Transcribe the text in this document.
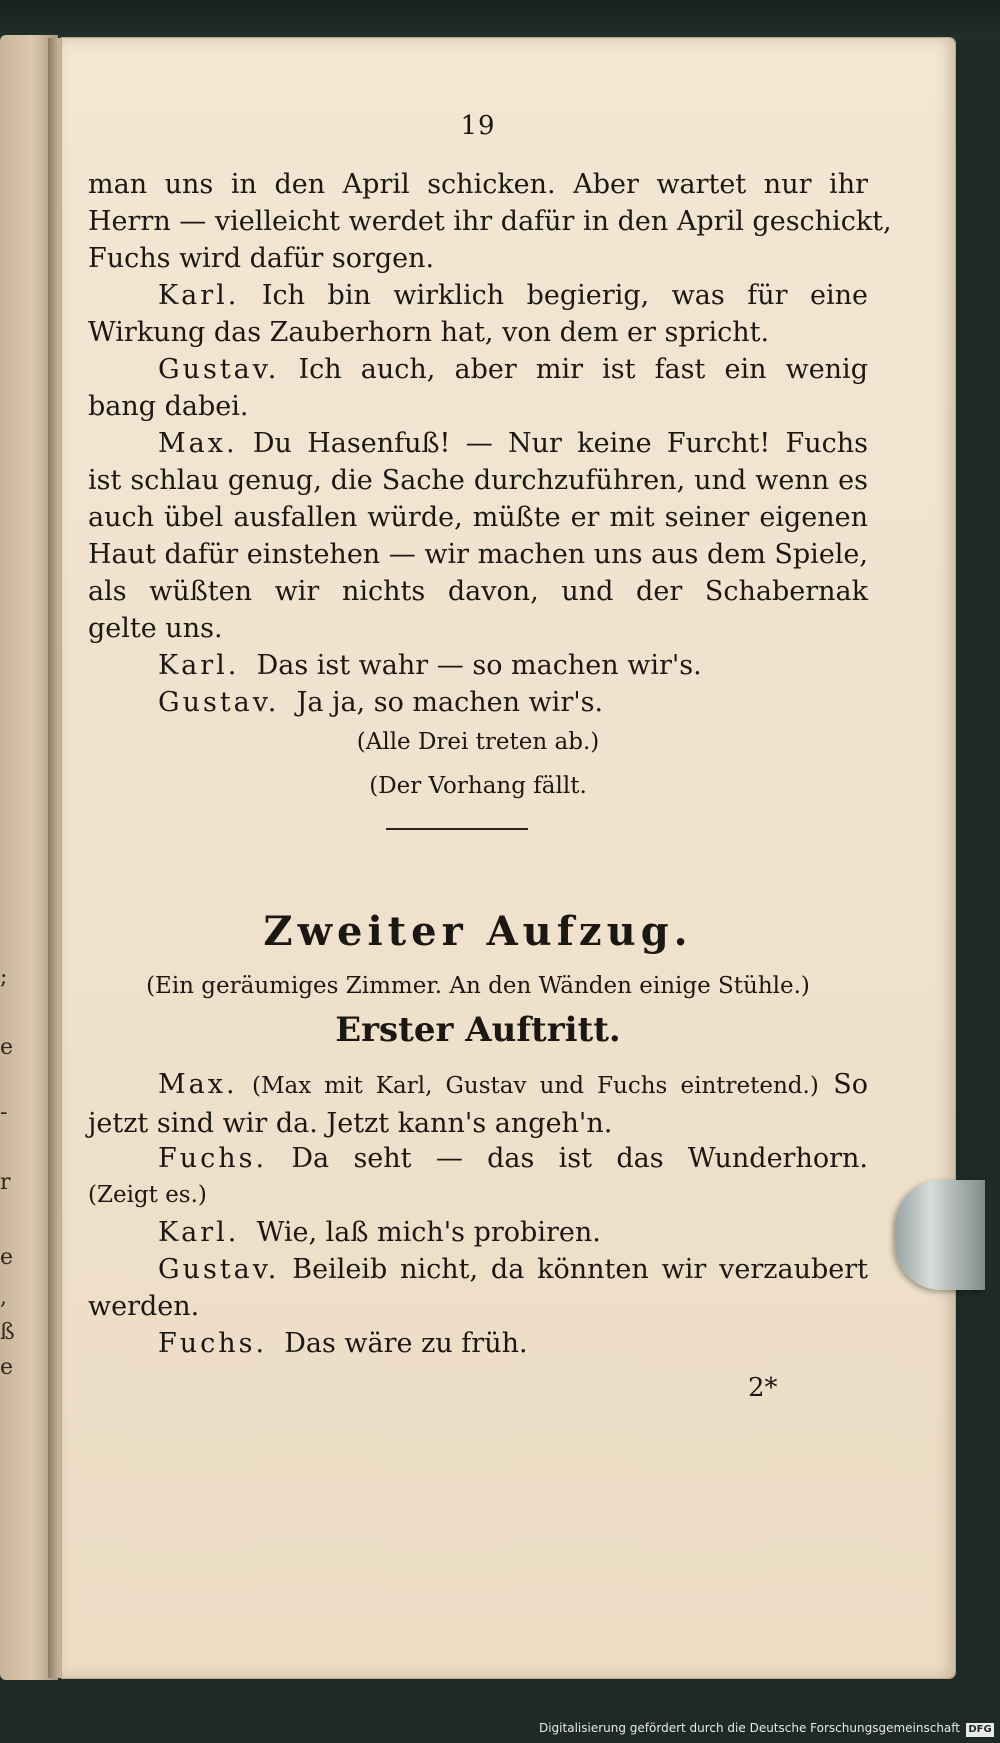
;
e
-
r
e
,
ß
e
19
man uns in den April schicken. Aber wartet nur ihr
Herrn — vielleicht werdet ihr dafür in den April geschickt,
Fuchs wird dafür sorgen.
Karl. Ich bin wirklich begierig, was für eine
Wirkung das Zauberhorn hat, von dem er spricht.
Gustav. Ich auch, aber mir ist fast ein wenig
bang dabei.
Max. Du Hasenfuß! — Nur keine Furcht! Fuchs
ist schlau genug, die Sache durchzuführen, und wenn es
auch übel ausfallen würde, müßte er mit seiner eigenen
Haut dafür einstehen — wir machen uns aus dem Spiele,
als wüßten wir nichts davon, und der Schabernak
gelte uns.
Karl. Das ist wahr — so machen wir's.
Gustav. Ja ja, so machen wir's.
(Alle Drei treten ab.)
(Der Vorhang fällt.
Zweiter Aufzug.
(Ein geräumiges Zimmer. An den Wänden einige Stühle.)
Erster Auftritt.
Max. (Max mit Karl, Gustav und Fuchs eintretend.) So
jetzt sind wir da. Jetzt kann's angeh'n.
Fuchs. Da seht — das ist das Wunderhorn.
(Zeigt es.)
Karl. Wie, laß mich's probiren.
Gustav. Beileib nicht, da könnten wir verzaubert
werden.
Fuchs. Das wäre zu früh.
2*
Digitalisierung gefördert durch die Deutsche Forschungsgemeinschaft DFG
